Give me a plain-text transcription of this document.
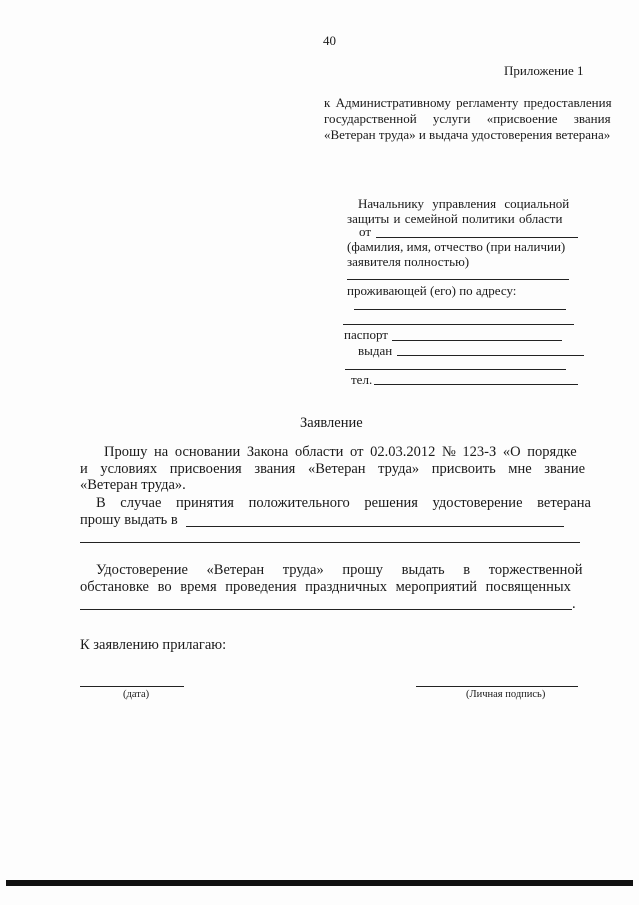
40
Приложение 1
к Административному регламенту предоставления
государственной услуги «присвоение звания
«Ветеран труда» и выдача удостоверения ветерана»
Начальнику управления социальной
защиты и семейной политики области
от
(фамилия, имя, отчество (при наличии)
заявителя полностью)
проживающей (его) по адресу:
паспорт
выдан
тел.
Заявление
Прошу на основании Закона области от 02.03.2012 № 123-З «О порядке
и условиях присвоения звания «Ветеран труда» присвоить мне звание
«Ветеран труда».
В случае принятия положительного решения удостоверение ветерана
прошу выдать в
Удостоверение «Ветеран труда» прошу выдать в торжественной
обстановке во время проведения праздничных мероприятий посвященных
.
К заявлению прилагаю:
(дата)	(Личная подпись)
